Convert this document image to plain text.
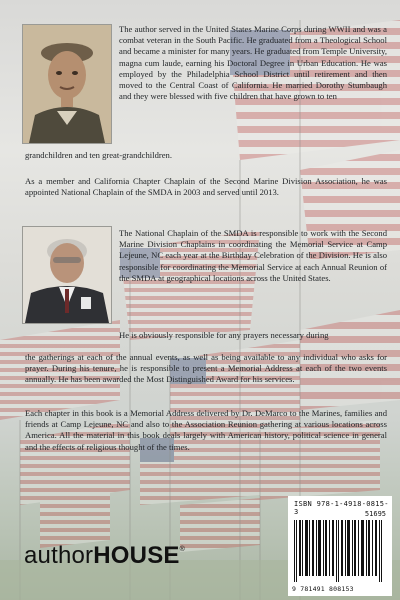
The author served in the United States Marine Corps during WWII and was a combat veteran in the South Pacific. He graduated from a Theological School and became a minister for many years. He graduated from Temple University, magna cum laude, earning his Doctoral Degree in Urban Education. He was employed by the Philadelphia School District until retirement and then moved to the Central Coast of California. He married Dorothy Stumbaugh and they were blessed with five children that have grown to ten

grandchildren and ten great-grandchildren.

As a member and California Chapter Chaplain of the Second Marine Division Association, he was appointed National Chaplain of the SMDA in 2003 and served until 2013.

The National Chaplain of the SMDA is responsible to work with the Second Marine Division Chaplains in coordinating the Memorial Service at Camp Lejeune, NC each year at the Birthday Celebration of the Division. He is also responsible for coordinating the Memorial Service at each Annual Reunion of the SMDA at geographical locations across the United States.

He is obviously responsible for any prayers necessary during

the gatherings at each of the annual events, as well as being available to any individual who asks for prayer. During his tenure, he is responsible to present a Memorial Address at each of the two events annually. He has been awarded the Most Distinguished Award for his services.

Each chapter in this book is a Memorial Address delivered by Dr. DeMarco to the Marines, families and friends at Camp Lejeune, NC and also to the Association Reunion gathering at various locations across America. All the material in this book deals largely with American history, political science in general and the effects of religious thought of the times.

ISBN 978-1-4918-0815-3	51695
9 781491 808153
authorHOUSE®
